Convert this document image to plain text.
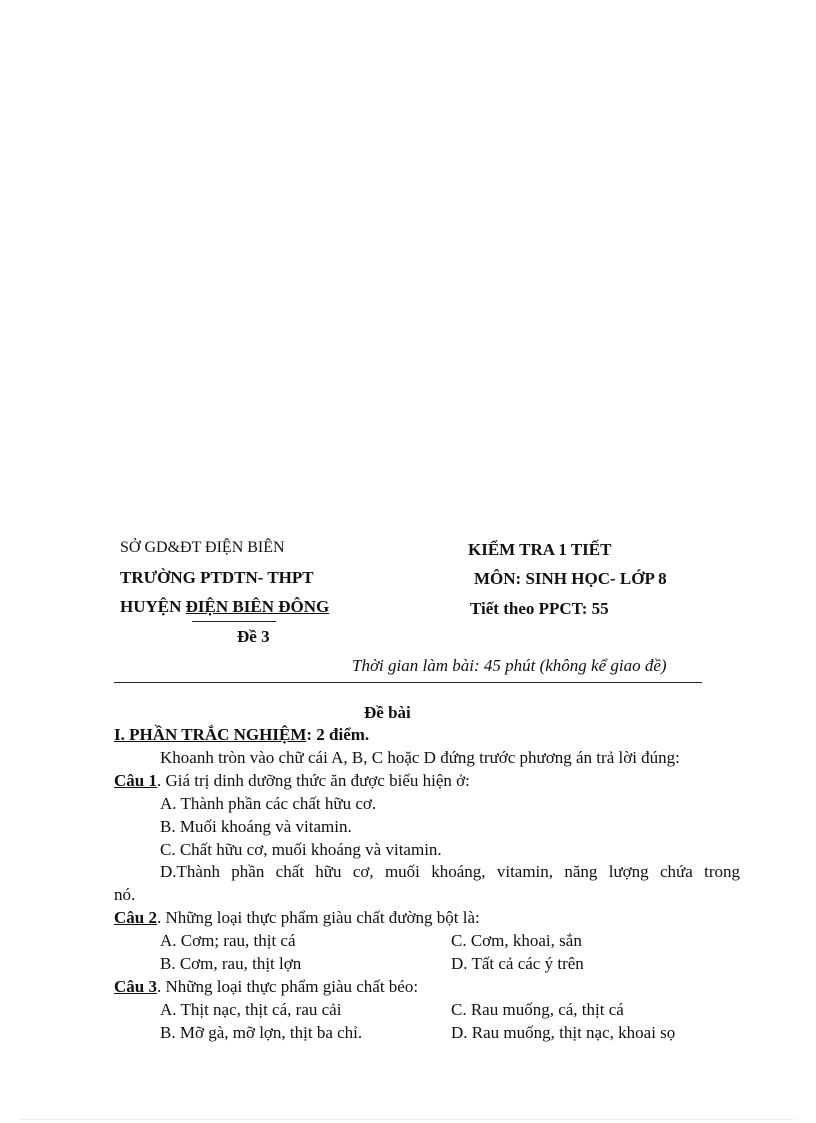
SỞ GD&ĐT ĐIỆN BIÊN
TRƯỜNG PTDTN- THPT
HUYỆN ĐIỆN BIÊN ĐÔNG
Đề 3
KIỂM TRA 1 TIẾT
MÔN: SINH HỌC- LỚP 8
Tiết theo PPCT: 55
Thời gian làm bài: 45 phút (không kể giao đề)
Đề bài
I. PHẦN TRẮC NGHIỆM: 2 điểm.
Khoanh tròn vào chữ cái A, B, C hoặc D đứng trước phương án trả lời đúng:
Câu 1. Giá trị dinh dưỡng thức ăn được biểu hiện ở:
A. Thành phần các chất hữu cơ.
B. Muối khoáng và vitamin.
C. Chất hữu cơ, muối khoáng và vitamin.
D.Thành phần chất hữu cơ, muối khoáng, vitamin, năng lượng chứa trong
nó.
Câu 2. Những loại thực phẩm giàu chất đường bột là:
A. Cơm; rau, thịt cá	C. Cơm, khoai, sắn
B. Cơm, rau, thịt lợn	D. Tất cả các ý trên
Câu 3. Những loại thực phẩm giàu chất béo:
A. Thịt nạc, thịt cá, rau cải	C. Rau muống, cá, thịt cá
B. Mỡ gà, mỡ lợn, thịt ba chỉ.	D. Rau muống, thịt nạc, khoai sọ
